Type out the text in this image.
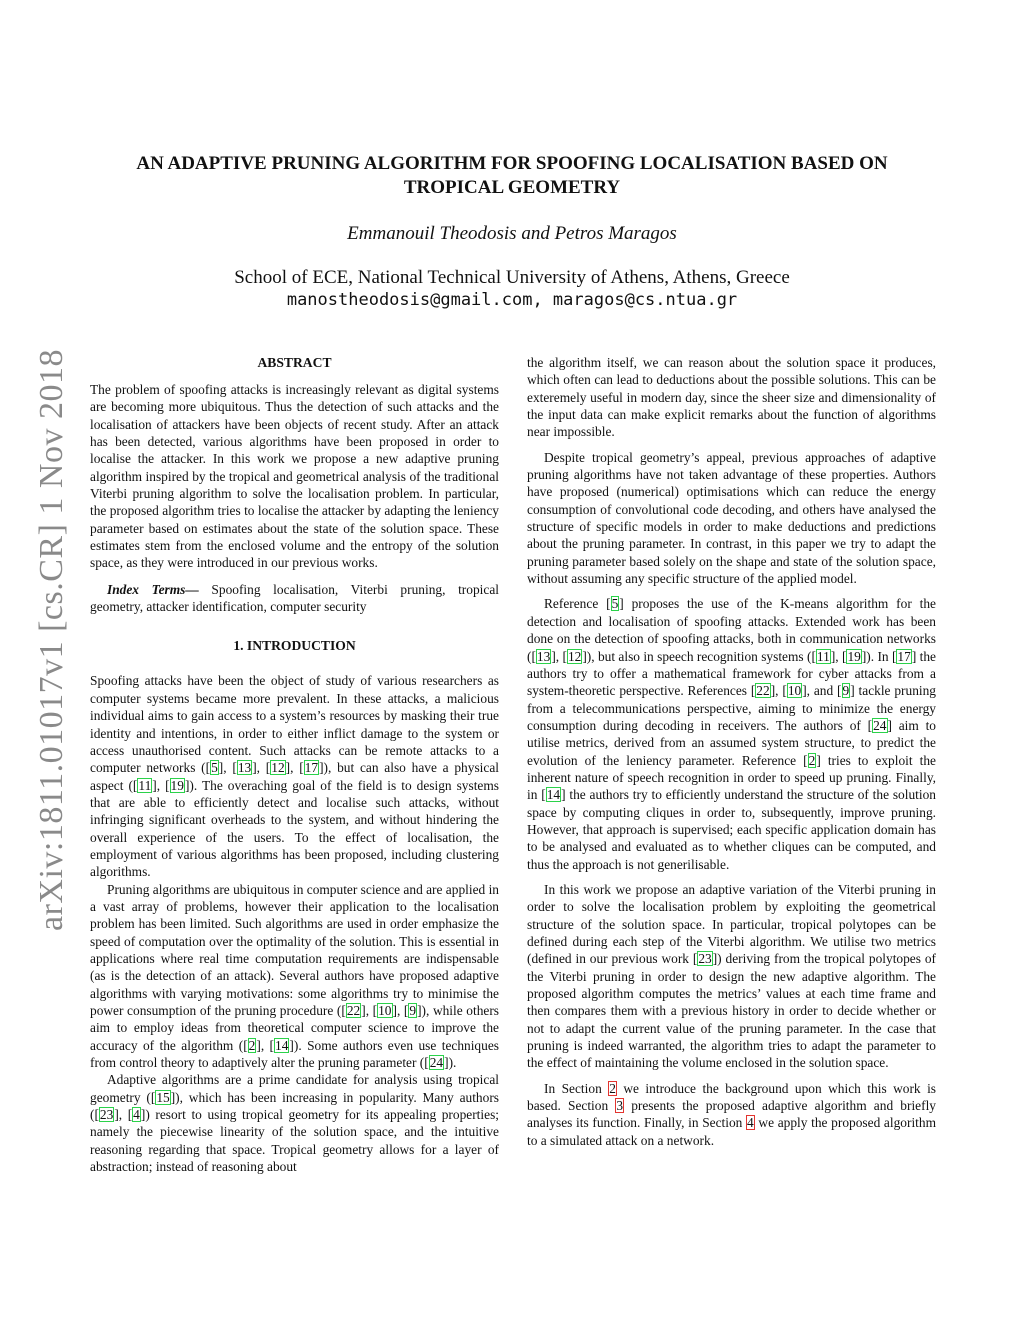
arXiv:1811.01017v1 [cs.CR] 1 Nov 2018
AN ADAPTIVE PRUNING ALGORITHM FOR SPOOFING LOCALISATION BASED ON
TROPICAL GEOMETRY
Emmanouil Theodosis and Petros Maragos
School of ECE, National Technical University of Athens, Athens, Greece
manostheodosis@gmail.com, maragos@cs.ntua.gr

ABSTRACT

The problem of spoofing attacks is increasingly relevant as digital systems are becoming more ubiquitous. Thus the detection of such attacks and the localisation of attackers have been objects of recent study. After an attack has been detected, various algorithms have been proposed in order to localise the attacker. In this work we propose a new adaptive pruning algorithm inspired by the tropical and geometrical analysis of the traditional Viterbi pruning algorithm to solve the localisation problem. In particular, the proposed algorithm tries to localise the attacker by adapting the leniency parameter based on estimates about the state of the solution space. These estimates stem from the enclosed volume and the entropy of the solution space, as they were introduced in our previous works.

Index Terms— Spoofing localisation, Viterbi pruning, tropical geometry, attacker identification, computer security

1. INTRODUCTION

Spoofing attacks have been the object of study of various researchers as computer systems became more prevalent. In these attacks, a malicious individual aims to gain access to a system’s resources by masking their true identity and intentions, in order to either inflict damage to the system or access unauthorised content. Such attacks can be remote attacks to a computer networks ([5], [13], [12], [17]), but can also have a physical aspect ([11], [19]). The overaching goal of the field is to design systems that are able to efficiently detect and localise such attacks, without infringing significant overheads to the system, and without hindering the overall experience of the users. To the effect of localisation, the employment of various algorithms has been proposed, including clustering algorithms.

Pruning algorithms are ubiquitous in computer science and are applied in a vast array of problems, however their application to the localisation problem has been limited. Such algorithms are used in order emphasize the speed of computation over the optimality of the solution. This is essential in applications where real time computation requirements are indispensable (as is the detection of an attack). Several authors have proposed adaptive algorithms with varying motivations: some algorithms try to minimise the power consumption of the pruning procedure ([22], [10], [9]), while others aim to employ ideas from theoretical computer science to improve the accuracy of the algorithm ([2], [14]). Some authors even use techniques from control theory to adaptively alter the pruning parameter ([24]).

Adaptive algorithms are a prime candidate for analysis using tropical geometry ([15]), which has been increasing in popularity. Many authors ([23], [4]) resort to using tropical geometry for its appealing properties; namely the piecewise linearity of the solution space, and the intuitive reasoning regarding that space. Tropical geometry allows for a layer of abstraction; instead of reasoning about

the algorithm itself, we can reason about the solution space it produces, which often can lead to deductions about the possible solutions. This can be exteremely useful in modern day, since the sheer size and dimensionality of the input data can make explicit remarks about the function of algorithms near impossible.

Despite tropical geometry’s appeal, previous approaches of adaptive pruning algorithms have not taken advantage of these properties. Authors have proposed (numerical) optimisations which can reduce the energy consumption of convolutional code decoding, and others have analysed the structure of specific models in order to make deductions and predictions about the pruning parameter. In contrast, in this paper we try to adapt the pruning parameter based solely on the shape and state of the solution space, without assuming any specific structure of the applied model.

Reference [5] proposes the use of the K-means algorithm for the detection and localisation of spoofing attacks. Extended work has been done on the detection of spoofing attacks, both in communication networks ([13], [12]), but also in speech recognition systems ([11], [19]). In [17] the authors try to offer a mathematical framework for cyber attacks from a system-theoretic perspective. References [22], [10], and [9] tackle pruning from a telecommunications perspective, aiming to minimize the energy consumption during decoding in receivers. The authors of [24] aim to utilise metrics, derived from an assumed system structure, to predict the evolution of the leniency parameter. Reference [2] tries to exploit the inherent nature of speech recognition in order to speed up pruning. Finally, in [14] the authors try to efficiently understand the structure of the solution space by computing cliques in order to, subsequently, improve pruning. However, that approach is supervised; each specific application domain has to be analysed and evaluated as to whether cliques can be computed, and thus the approach is not generilisable.

In this work we propose an adaptive variation of the Viterbi pruning in order to solve the localisation problem by exploiting the geometrical structure of the solution space. In particular, tropical polytopes can be defined during each step of the Viterbi algorithm. We utilise two metrics (defined in our previous work [23]) deriving from the tropical polytopes of the Viterbi pruning in order to design the new adaptive algorithm. The proposed algorithm computes the metrics’ values at each time frame and then compares them with a previous history in order to decide whether or not to adapt the current value of the pruning parameter. In the case that pruning is indeed warranted, the algorithm tries to adapt the parameter to the effect of maintaining the volume enclosed in the solution space.

In Section 2 we introduce the background upon which this work is based. Section 3 presents the proposed adaptive algorithm and briefly analyses its function. Finally, in Section 4 we apply the proposed algorithm to a simulated attack on a network.
